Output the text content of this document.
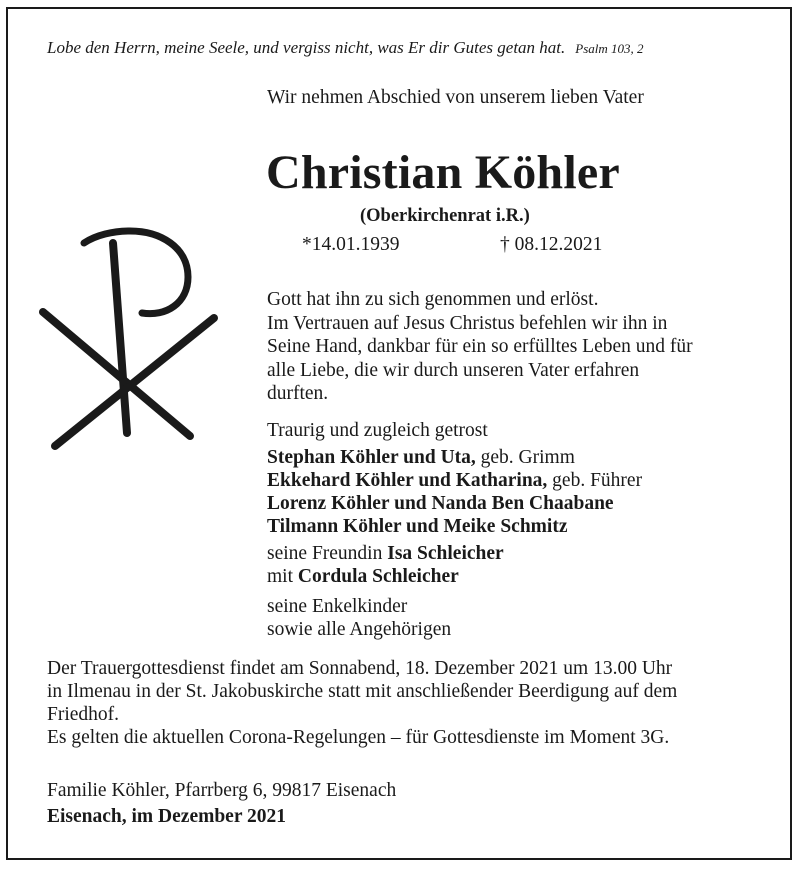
Lobe den Herrn, meine Seele, und vergiss nicht, was Er dir Gutes getan hat. Psalm 103, 2
Wir nehmen Abschied von unserem lieben Vater
Christian Köhler
(Oberkirchenrat i.R.)
*14.01.1939	† 08.12.2021
Gott hat ihn zu sich genommen und erlöst.
Im Vertrauen auf Jesus Christus befehlen wir ihn in
Seine Hand, dankbar für ein so erfülltes Leben und für
alle Liebe, die wir durch unseren Vater erfahren
durften.
Traurig und zugleich getrost
Stephan Köhler und Uta, geb. Grimm
Ekkehard Köhler und Katharina, geb. Führer
Lorenz Köhler und Nanda Ben Chaabane
Tilmann Köhler und Meike Schmitz
seine Freundin Isa Schleicher
mit Cordula Schleicher
seine Enkelkinder
sowie alle Angehörigen
Der Trauergottesdienst findet am Sonnabend, 18. Dezember 2021 um 13.00 Uhr
in Ilmenau in der St. Jakobuskirche statt mit anschließender Beerdigung auf dem
Friedhof.
Es gelten die aktuellen Corona-Regelungen – für Gottesdienste im Moment 3G.
Familie Köhler, Pfarrberg 6, 99817 Eisenach
Eisenach, im Dezember 2021
